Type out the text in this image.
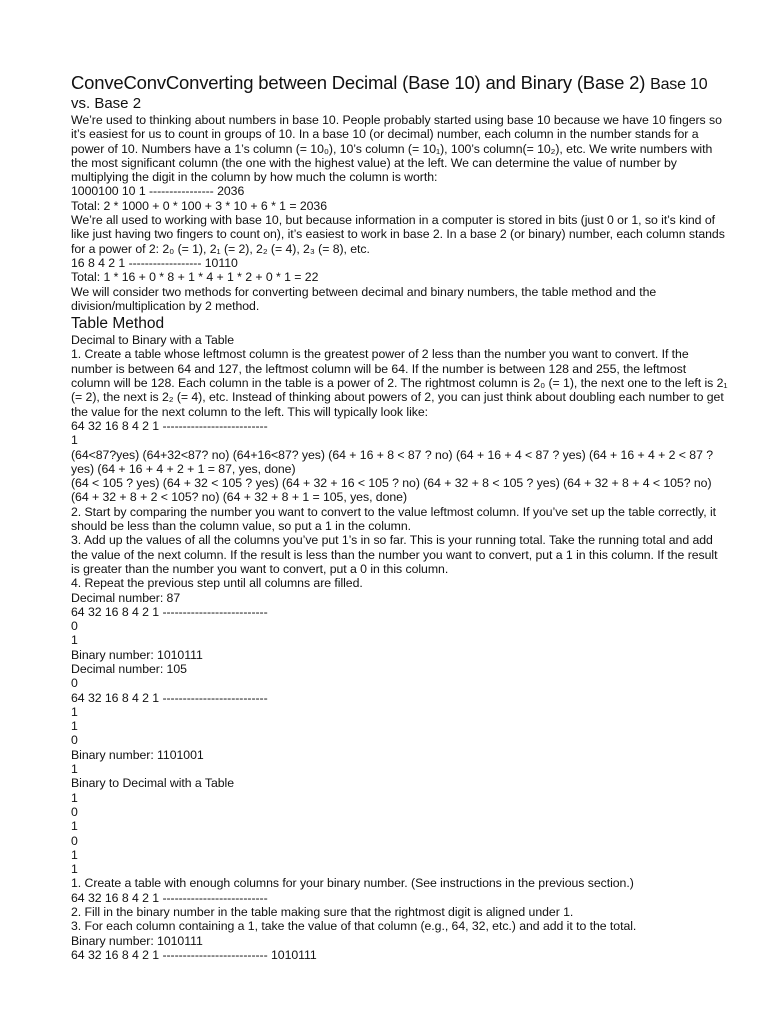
ConveConvConverting between Decimal (Base 10) and Binary (Base 2) Base 10
vs. Base 2
We’re used to thinking about numbers in base 10. People probably started using base 10 because we have 10 fingers so it’s easiest for us to count in groups of 10. In a base 10 (or decimal) number, each column in the number stands for a power of 10. Numbers have a 1’s column (= 10₀), 10’s column (= 10₁), 100’s column(= 10₂), etc. We write numbers with the most significant column (the one with the highest value) at the left. We can determine the value of number by multiplying the digit in the column by how much the column is worth:
1000100 10 1 ---------------- 2036
Total: 2 * 1000 + 0 * 100 + 3 * 10 + 6 * 1 = 2036
We’re all used to working with base 10, but because information in a computer is stored in bits (just 0 or 1, so it’s kind of like just having two fingers to count on), it’s easiest to work in base 2. In a base 2 (or binary) number, each column stands for a power of 2: 2₀ (= 1), 2₁ (= 2), 2₂ (= 4), 2₃ (= 8), etc.
16 8 4 2 1 ------------------ 10110
Total: 1 * 16 + 0 * 8 + 1 * 4 + 1 * 2 + 0 * 1 = 22
We will consider two methods for converting between decimal and binary numbers, the table method and the division/multiplication by 2 method.
Table Method
Decimal to Binary with a Table
1. Create a table whose leftmost column is the greatest power of 2 less than the number you want to convert. If the number is between 64 and 127, the leftmost column will be 64. If the number is between 128 and 255, the leftmost column will be 128. Each column in the table is a power of 2. The rightmost column is 2₀ (= 1), the next one to the left is 2₁ (= 2), the next is 2₂ (= 4), etc. Instead of thinking about powers of 2, you can just think about doubling each number to get the value for the next column to the left. This will typically look like:
64 32 16 8 4 2 1 --------------------------
1
(64<87?yes) (64+32<87? no) (64+16<87? yes) (64 + 16 + 8 < 87 ? no) (64 + 16 + 4 < 87 ? yes) (64 + 16 + 4 + 2 < 87 ? yes) (64 + 16 + 4 + 2 + 1 = 87, yes, done)
(64 < 105 ? yes) (64 + 32 < 105 ? yes) (64 + 32 + 16 < 105 ? no) (64 + 32 + 8 < 105 ? yes) (64 + 32 + 8 + 4 < 105? no) (64 + 32 + 8 + 2 < 105? no) (64 + 32 + 8 + 1 = 105, yes, done)
2. Start by comparing the number you want to convert to the value leftmost column. If you’ve set up the table correctly, it should be less than the column value, so put a 1 in the column.
3. Add up the values of all the columns you’ve put 1’s in so far. This is your running total. Take the running total and add the value of the next column. If the result is less than the number you want to convert, put a 1 in this column. If the result is greater than the number you want to convert, put a 0 in this column.
4. Repeat the previous step until all columns are filled.
Decimal number: 87
64 32 16 8 4 2 1 --------------------------
0
1
Binary number: 1010111
Decimal number: 105
0
64 32 16 8 4 2 1 --------------------------
1
1
0
Binary number: 1101001
1
Binary to Decimal with a Table
1
0
1
0
1
1
1. Create a table with enough columns for your binary number. (See instructions in the previous section.)
64 32 16 8 4 2 1 --------------------------
2. Fill in the binary number in the table making sure that the rightmost digit is aligned under 1.
3. For each column containing a 1, take the value of that column (e.g., 64, 32, etc.) and add it to the total.
Binary number: 1010111
64 32 16 8 4 2 1 -------------------------- 1010111
